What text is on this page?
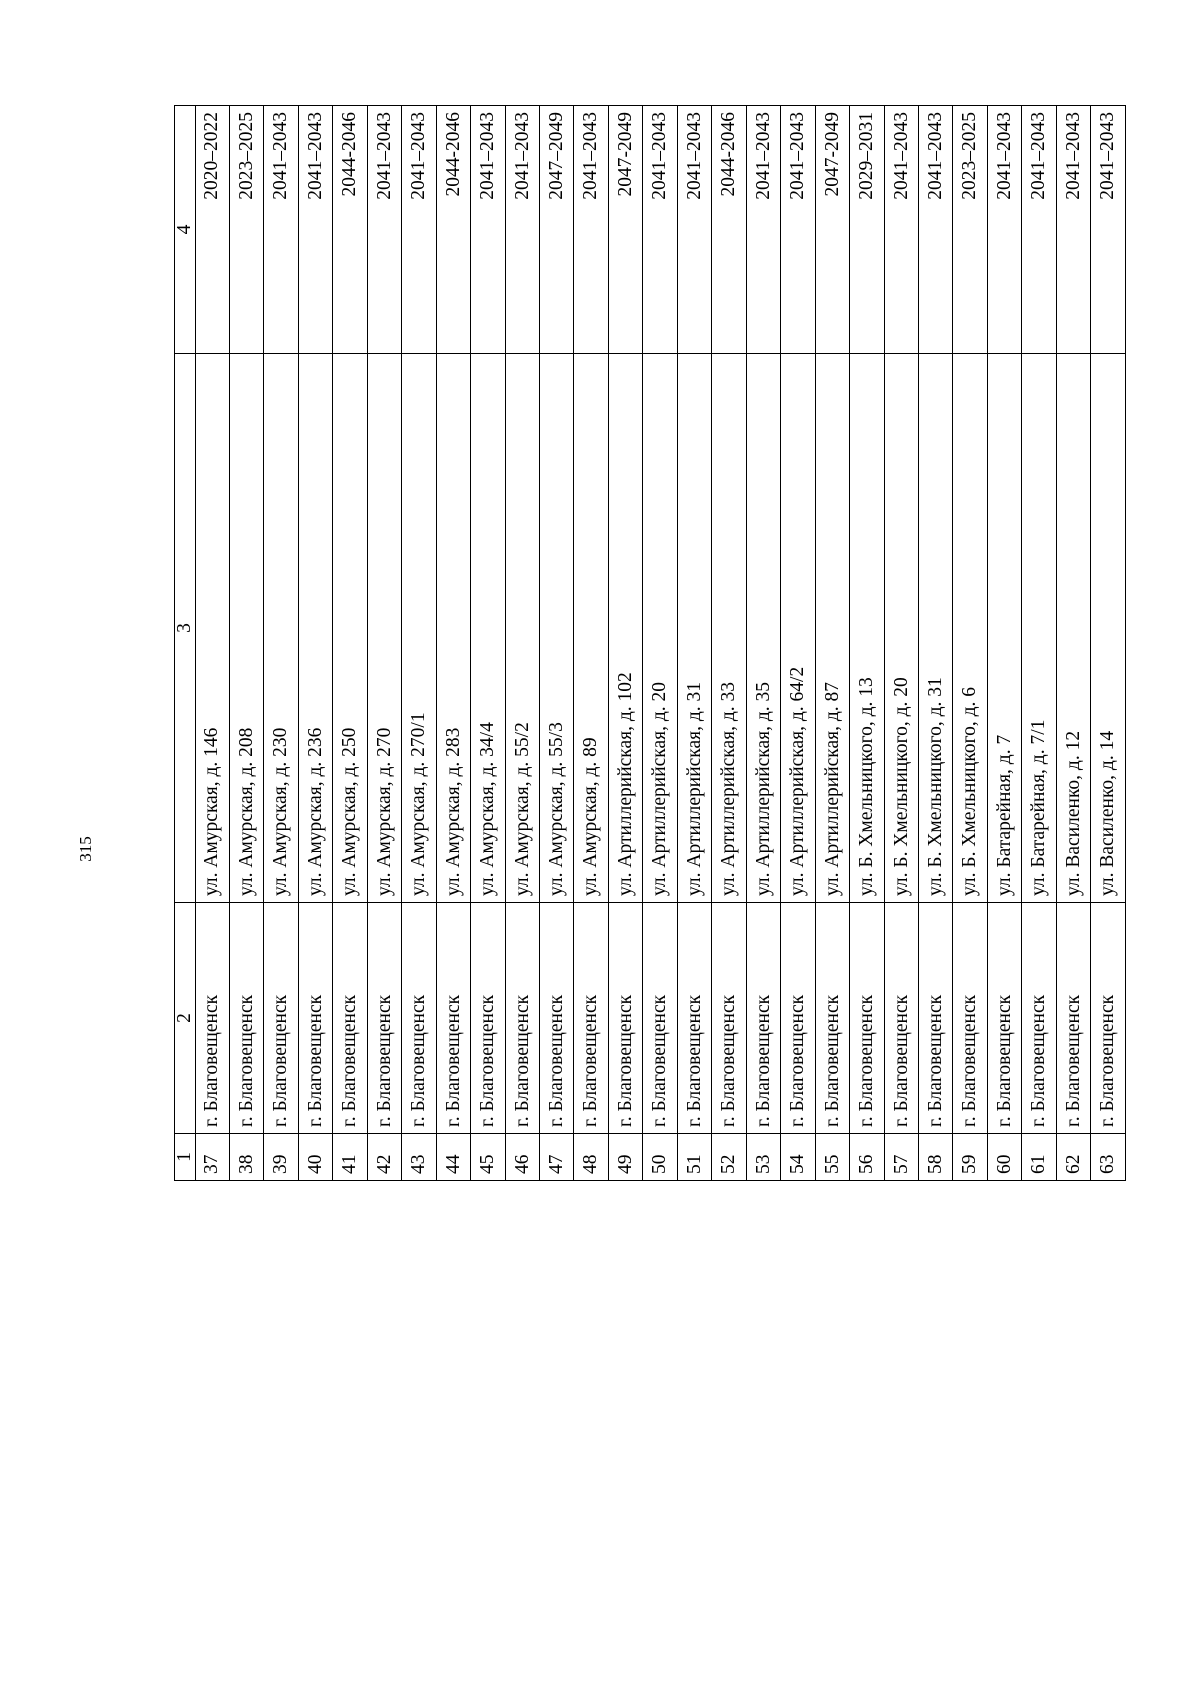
315
1	2	3	4
37	г. Благовещенск	ул. Амурская, д. 146	2020–2022
38	г. Благовещенск	ул. Амурская, д. 208	2023–2025
39	г. Благовещенск	ул. Амурская, д. 230	2041–2043
40	г. Благовещенск	ул. Амурская, д. 236	2041–2043
41	г. Благовещенск	ул. Амурская, д. 250	2044-2046
42	г. Благовещенск	ул. Амурская, д. 270	2041–2043
43	г. Благовещенск	ул. Амурская, д. 270/1	2041–2043
44	г. Благовещенск	ул. Амурская, д. 283	2044-2046
45	г. Благовещенск	ул. Амурская, д. 34/4	2041–2043
46	г. Благовещенск	ул. Амурская, д. 55/2	2041–2043
47	г. Благовещенск	ул. Амурская, д. 55/3	2047–2049
48	г. Благовещенск	ул. Амурская, д. 89	2041–2043
49	г. Благовещенск	ул. Артиллерийская, д. 102	2047-2049
50	г. Благовещенск	ул. Артиллерийская, д. 20	2041–2043
51	г. Благовещенск	ул. Артиллерийская, д. 31	2041–2043
52	г. Благовещенск	ул. Артиллерийская, д. 33	2044-2046
53	г. Благовещенск	ул. Артиллерийская, д. 35	2041–2043
54	г. Благовещенск	ул. Артиллерийская, д. 64/2	2041–2043
55	г. Благовещенск	ул. Артиллерийская, д. 87	2047-2049
56	г. Благовещенск	ул. Б. Хмельницкого, д. 13	2029–2031
57	г. Благовещенск	ул. Б. Хмельницкого, д. 20	2041–2043
58	г. Благовещенск	ул. Б. Хмельницкого, д. 31	2041–2043
59	г. Благовещенск	ул. Б. Хмельницкого, д. 6	2023–2025
60	г. Благовещенск	ул. Батарейная, д. 7	2041–2043
61	г. Благовещенск	ул. Батарейная, д. 7/1	2041–2043
62	г. Благовещенск	ул. Василенко, д. 12	2041–2043
63	г. Благовещенск	ул. Василенко, д. 14	2041–2043
